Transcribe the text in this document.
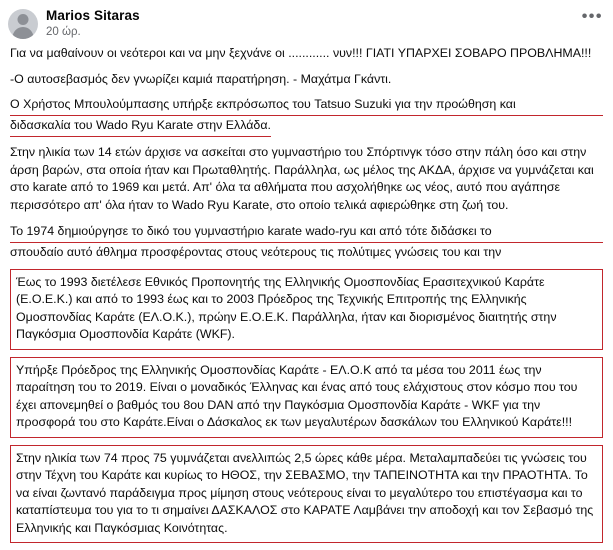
Marios Sitaras
20 ώρ.
•••

Για να μαθαίνουν οι νεότεροι και να μην ξεχνάνε οι ............ νυν!!! ΓΙΑΤΙ ΥΠΑΡΧΕΙ ΣΟΒΑΡΟ ΠΡΟΒΛΗΜΑ!!!

-Ο αυτοσεβασμός δεν γνωρίζει καμιά παρατήρηση. - Μαχάτμα Γκάντι.

Ο Χρήστος Μπουλούμπασης υπήρξε εκπρόσωπος του Tatsuo Suzuki για την προώθηση και
διδασκαλία του Wado Ryu Karate στην Ελλάδα.

Στην ηλικία των 14 ετών άρχισε να ασκείται στο γυμναστήριο του Σπόρτινγκ τόσο στην πάλη όσο και στην άρση βαρών, στα οποία ήταν και Πρωταθλητής. Παράλληλα, ως μέλος της ΑΚΔΑ, άρχισε να γυμνάζεται και στο karate από το 1969 και μετά. Απ' όλα τα αθλήματα που ασχολήθηκε ως νέος, αυτό που αγάπησε περισσότερο απ' όλα ήταν το Wado Ryu Karate, στο οποίο τελικά αφιερώθηκε στη ζωή του.

Το 1974 δημιούργησε το δικό του γυμναστήριο karate wado-ryu και από τότε διδάσκει το
σπουδαίο αυτό άθλημα προσφέροντας στους νεότερους τις πολύτιμες γνώσεις του και την

Έως το 1993 διετέλεσε Εθνικός Προπονητής της Ελληνικής Ομοσπονδίας Ερασιτεχνικού Καράτε (Ε.Ο.Ε.Κ.) και από το 1993 έως και το 2003 Πρόεδρος της Τεχνικής Επιτροπής της Ελληνικής Ομοσπονδίας Καράτε (ΕΛ.Ο.Κ.), πρώην Ε.Ο.Ε.Κ. Παράλληλα, ήταν και διορισμένος διαιτητής στην Παγκόσμια Ομοσπονδία Καράτε (WKF).

Υπήρξε Πρόεδρος της Ελληνικής Ομοσπονδίας Καράτε - ΕΛ.Ο.Κ από τα μέσα του 2011 έως την παραίτηση του το 2019. Είναι ο μοναδικός Έλληνας και ένας από τους ελάχιστους στον κόσμο που του έχει απονεμηθεί ο βαθμός του 8ου DAN από την Παγκόσμια Ομοσπονδία Καράτε - WKF για την προσφορά του στο Καράτε.Είναι ο Δάσκαλος εκ των μεγαλυτέρων δασκάλων του Ελληνικού Καράτε!!!

Στην ηλικία των 74 προς 75 γυμνάζεται ανελλιπώς 2,5 ώρες κάθε μέρα. Μεταλαμπαδεύει τις γνώσεις του στην Τέχνη του Καράτε και κυρίως το ΗΘΟΣ, την ΣΕΒΑΣΜΟ, την ΤΑΠΕΙΝΟΤΗΤΑ και την ΠΡΑΟΤΗΤΑ. Το να είναι ζωντανό παράδειγμα προς μίμηση στους νεότερους είναι το μεγαλύτερο του επιστέγασμα και το καταπίστευμα του για το τι σημαίνει ΔΑΣΚΑΛΟΣ στο ΚΑΡΑΤΕ Λαμβάνει την αποδοχή και τον Σεβασμό της Ελληνικής και Παγκόσμιας Κοινότητας.
